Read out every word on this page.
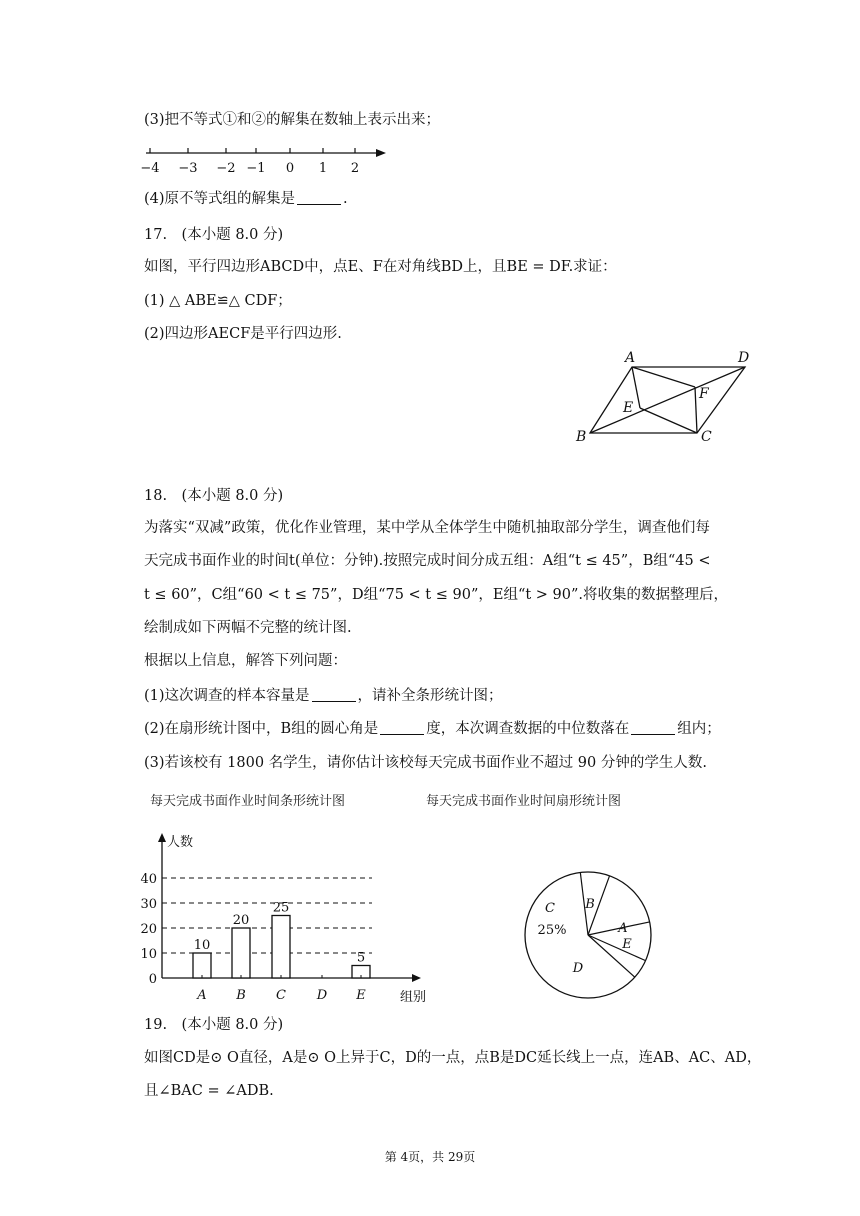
(3)把不等式①和②的解集在数轴上表示出来；
−4 −3 −2 −1 0 1 2
(4)原不等式组的解集是	.
17.　(本小题 8.0 分)
如图，平行四边形ABCD中，点E、F在对角线BD上，且BE = DF.求证：
(1) △ ABE≌△ CDF；
(2)四边形AECF是平行四边形.
A	D
B	C
E
F
18.　(本小题 8.0 分)
为落实“双减”政策，优化作业管理，某中学从全体学生中随机抽取部分学生，调查他们每
天完成书面作业的时间t(单位：分钟).按照完成时间分成五组：A组“t ≤ 45”，B组“45 <
t ≤ 60”，C组“60 < t ≤ 75”，D组“75 < t ≤ 90”，E组“t > 90”.将收集的数据整理后，
绘制成如下两幅不完整的统计图.
根据以上信息，解答下列问题：
(1)这次调查的样本容量是	，请补全条形统计图；
(2)在扇形统计图中，B组的圆心角是	度，本次调查数据的中位数落在	组内；
(3)若该校有 1800 名学生，请你估计该校每天完成书面作业不超过 90 分钟的学生人数.
每天完成书面作业时间条形统计图	每天完成书面作业时间扇形统计图
人数
组别
0
10
20
30
40
A
10
B
20
C
25
D E
5
A
B
C
25%
D
E
19.　(本小题 8.0 分)
如图CD是⊙ O直径，A是⊙ O上异于C，D的一点，点B是DC延长线上一点，连AB、AC、AD，
且∠BAC = ∠ADB.
第 4页，共 29页
